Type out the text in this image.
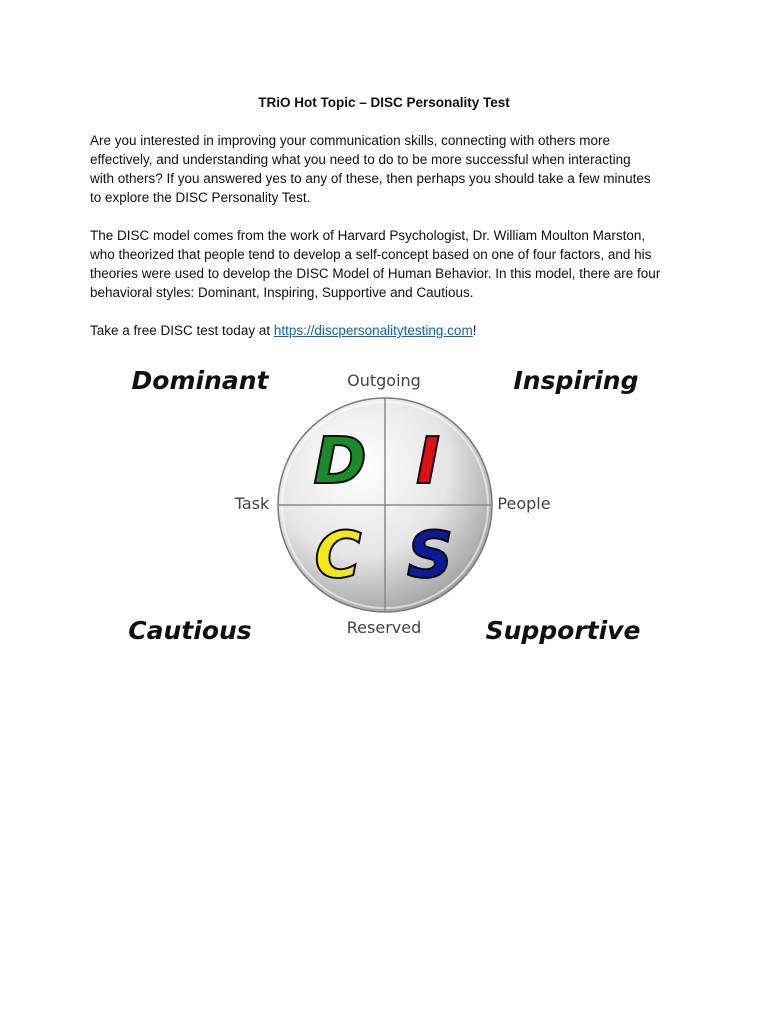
TRiO Hot Topic – DISC Personality Test

Are you interested in improving your communication skills, connecting with others more
effectively, and understanding what you need to do to be more successful when interacting
with others? If you answered yes to any of these, then perhaps you should take a few minutes
to explore the DISC Personality Test.

The DISC model comes from the work of Harvard Psychologist, Dr. William Moulton Marston,
who theorized that people tend to develop a self-concept based on one of four factors, and his
theories were used to develop the DISC Model of Human Behavior. In this model, there are four
behavioral styles: Dominant, Inspiring, Supportive and Cautious.

Take a free DISC test today at https://discpersonalitytesting.com!

Dominant	Inspiring
Cautious	Supportive
Outgoing
Reserved
Task	People
D I
C S
